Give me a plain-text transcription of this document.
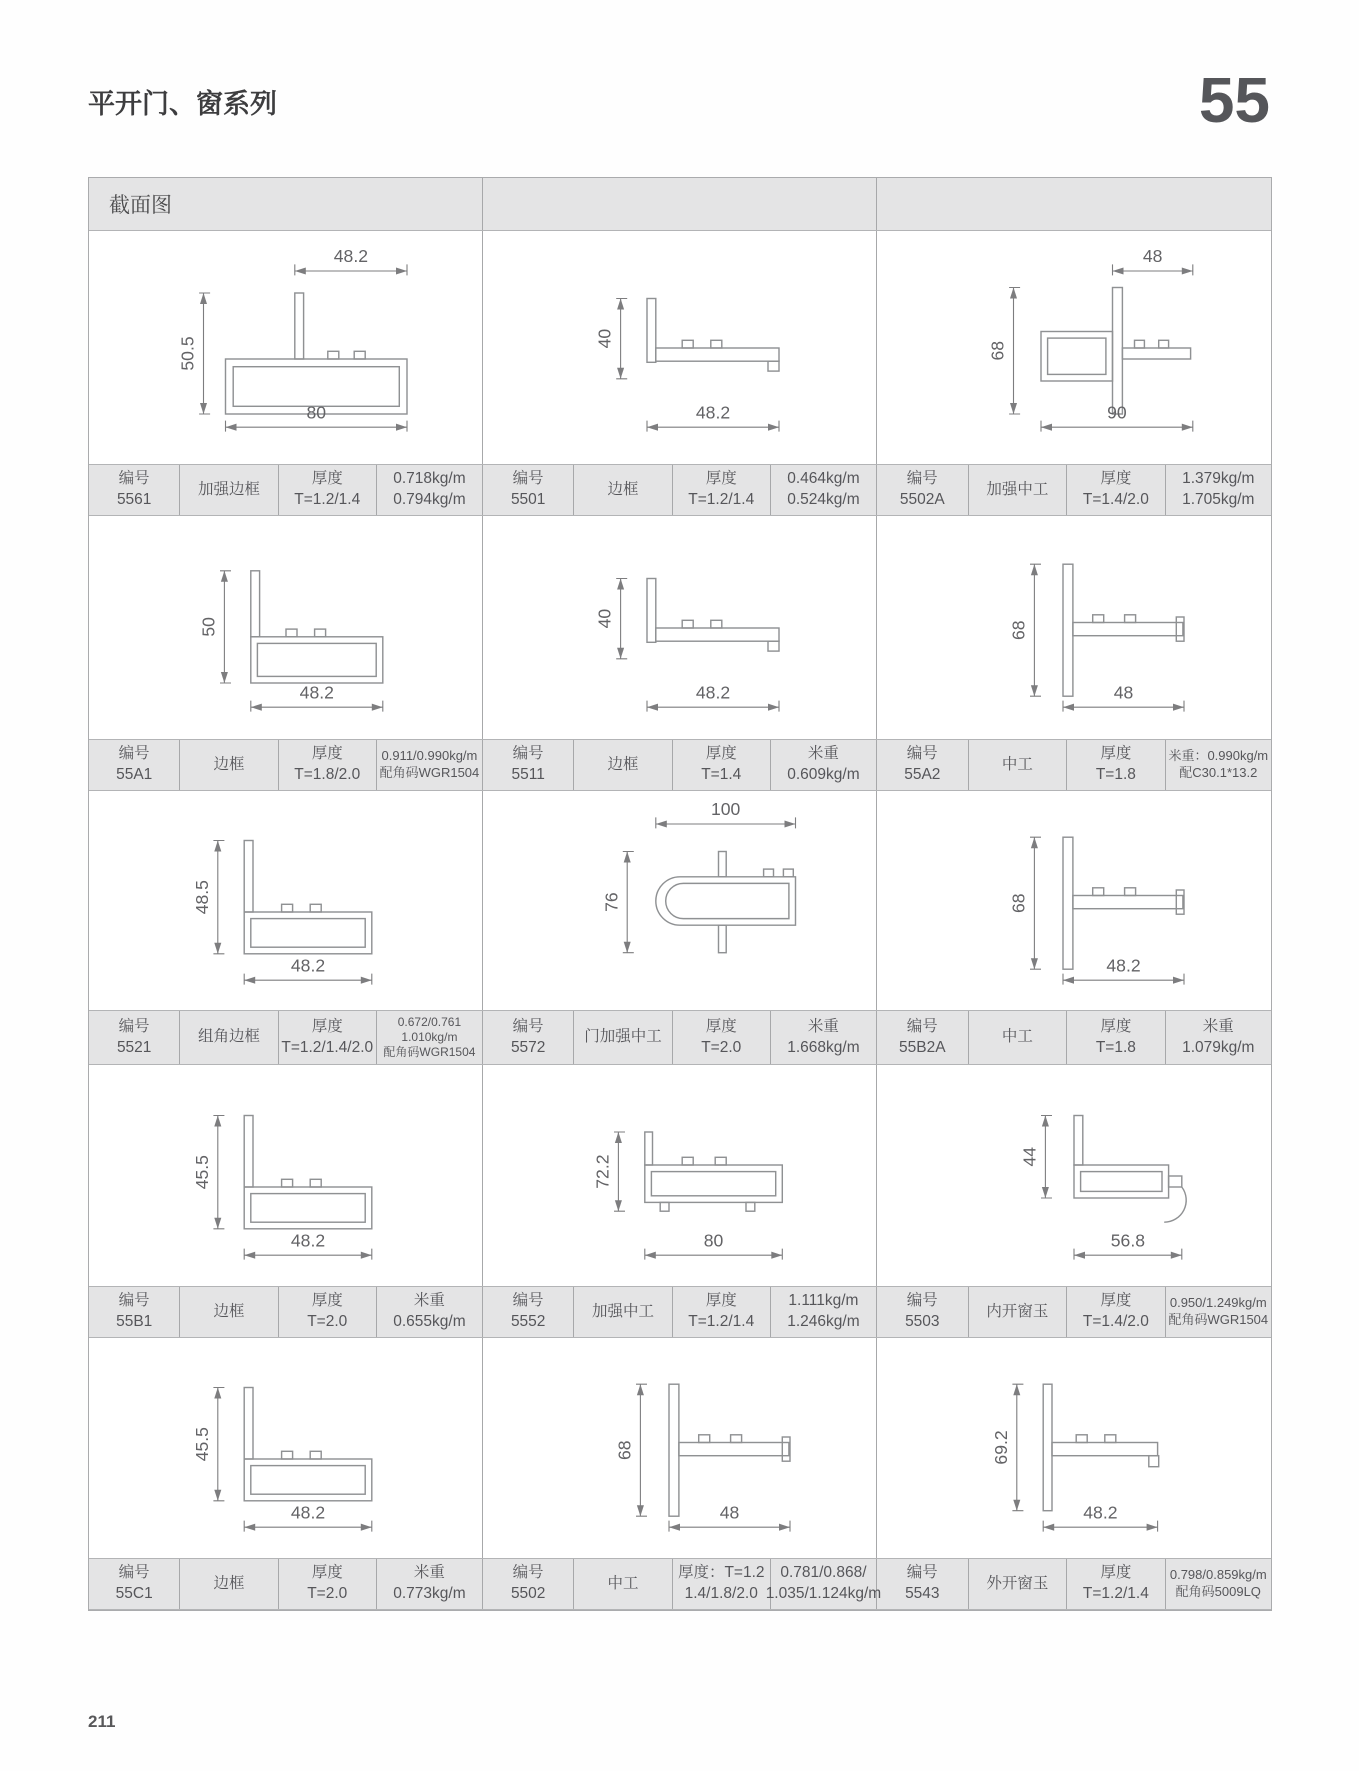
平开门、窗系列	55
截面图
48.2
50.5
80
40
48.2
48
68
90
编号
5561
加强边框
厚度
T=1.2/1.4
0.718kg/m
0.794kg/m
编号
5501
边框
厚度
T=1.2/1.4
0.464kg/m
0.524kg/m
编号
5502A
加强中工
厚度
T=1.4/2.0
1.379kg/m
1.705kg/m
50
48.2
40
48.2
68
48
编号
55A1
边框
厚度
T=1.8/2.0
0.911/0.990kg/m
配角码WGR1504
编号
5511
边框
厚度
T=1.4
米重
0.609kg/m
编号
55A2
中工
厚度
T=1.8
米重：0.990kg/m
配C30.1*13.2
48.5
48.2
100
76	68
48.2
编号
5521
组角边框
厚度
T=1.2/1.4/2.0
0.672/0.761
1.010kg/m
配角码WGR1504
编号
5572
门加强中工
厚度
T=2.0
米重
1.668kg/m
编号
55B2A
中工
厚度
T=1.8
米重
1.079kg/m
45.5
48.2
72.2
80
44
56.8
编号
55B1
边框
厚度
T=2.0
米重
0.655kg/m
编号
5552
加强中工
厚度
T=1.2/1.4
1.111kg/m
1.246kg/m
编号
5503
内开窗玉
厚度
T=1.4/2.0
0.950/1.249kg/m
配角码WGR1504
45.5
48.2
68
48
69.2
48.2
编号
55C1
边框
厚度
T=2.0
米重
0.773kg/m
编号
5502
中工
厚度：T=1.2
1.4/1.8/2.0
0.781/0.868/
1.035/1.124kg/m
编号
5543
外开窗玉
厚度
T=1.2/1.4
0.798/0.859kg/m
配角码5009LQ
211
